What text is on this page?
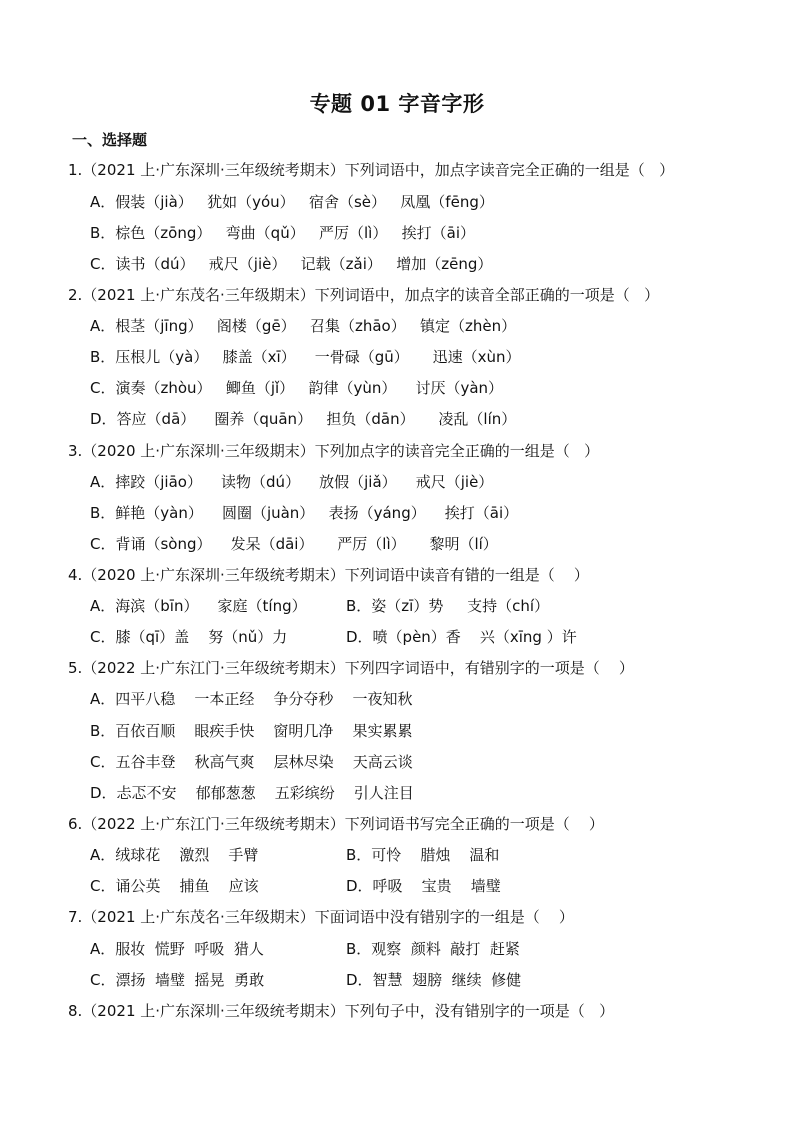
专题 01 字音字形
一、选择题
1.（2021 上·广东深圳·三年级统考期末）下列词语中，加点字读音完全正确的一组是（   ）
A．假装（jià）   犹如（yóu）   宿舍（sè）   凤凰（fēng）
B．棕色（zōng）   弯曲（qǔ）   严厉（lì）   挨打（āi）
C．读书（dú）   戒尺（jiè）   记载（zǎi）   增加（zēng）
2.（2021 上·广东茂名·三年级期末）下列词语中，加点字的读音全部正确的一项是（   ）
A．根茎（jīng）   阁楼（gē）   召集（zhāo）   镇定（zhèn）
B．压根儿（yà）   膝盖（xī）    一骨碌（gū）     迅速（xùn）
C．演奏（zhòu）   鲫鱼（jǐ）   韵律（yùn）    讨厌（yàn）
D．答应（dā）    圈养（quān）   担负（dān）     凌乱（lín）
3.（2020 上·广东深圳·三年级期末）下列加点字的读音完全正确的一组是（   ）
A．摔跤（jiāo）    读物（dú）    放假（jiǎ）    戒尺（jiè）
B．鲜艳（yàn）    圆圈（juàn）   表扬（yáng）    挨打（āi）
C．背诵（sòng）    发呆（dāi）     严厉（lì）     黎明（lí）
4.（2020 上·广东深圳·三年级统考期末）下列词语中读音有错的一组是（    ）
A．海滨（bīn）    家庭（tíng）	B．姿（zī）势     支持（chí）
C．膝（qī）盖    努（nǔ）力	D．喷（pèn）香    兴（xīng ）许
5.（2022 上·广东江门·三年级统考期末）下列四字词语中，有错别字的一项是（    ）
A．四平八稳    一本正经    争分夺秒    一夜知秋
B．百依百顺    眼疾手快    窗明几净    果实累累
C．五谷丰登    秋高气爽    层林尽染    天高云谈
D．忐忑不安    郁郁葱葱    五彩缤纷    引人注目
6.（2022 上·广东江门·三年级统考期末）下列词语书写完全正确的一项是（    ）
A．绒球花    激烈    手臂	B．可怜    腊烛    温和
C．诵公英    捕鱼    应该	D．呼吸    宝贵    墙璧
7.（2021 上·广东茂名·三年级期末）下面词语中没有错别字的一组是（    ）
A．服妆  慌野  呼吸  猎人	B．观察  颜料  敲打  赶紧
C．漂扬  墙璧  摇晃  勇敢	D．智慧  翅膀  继续  修健
8.（2021 上·广东深圳·三年级统考期末）下列句子中，没有错别字的一项是（   ）
